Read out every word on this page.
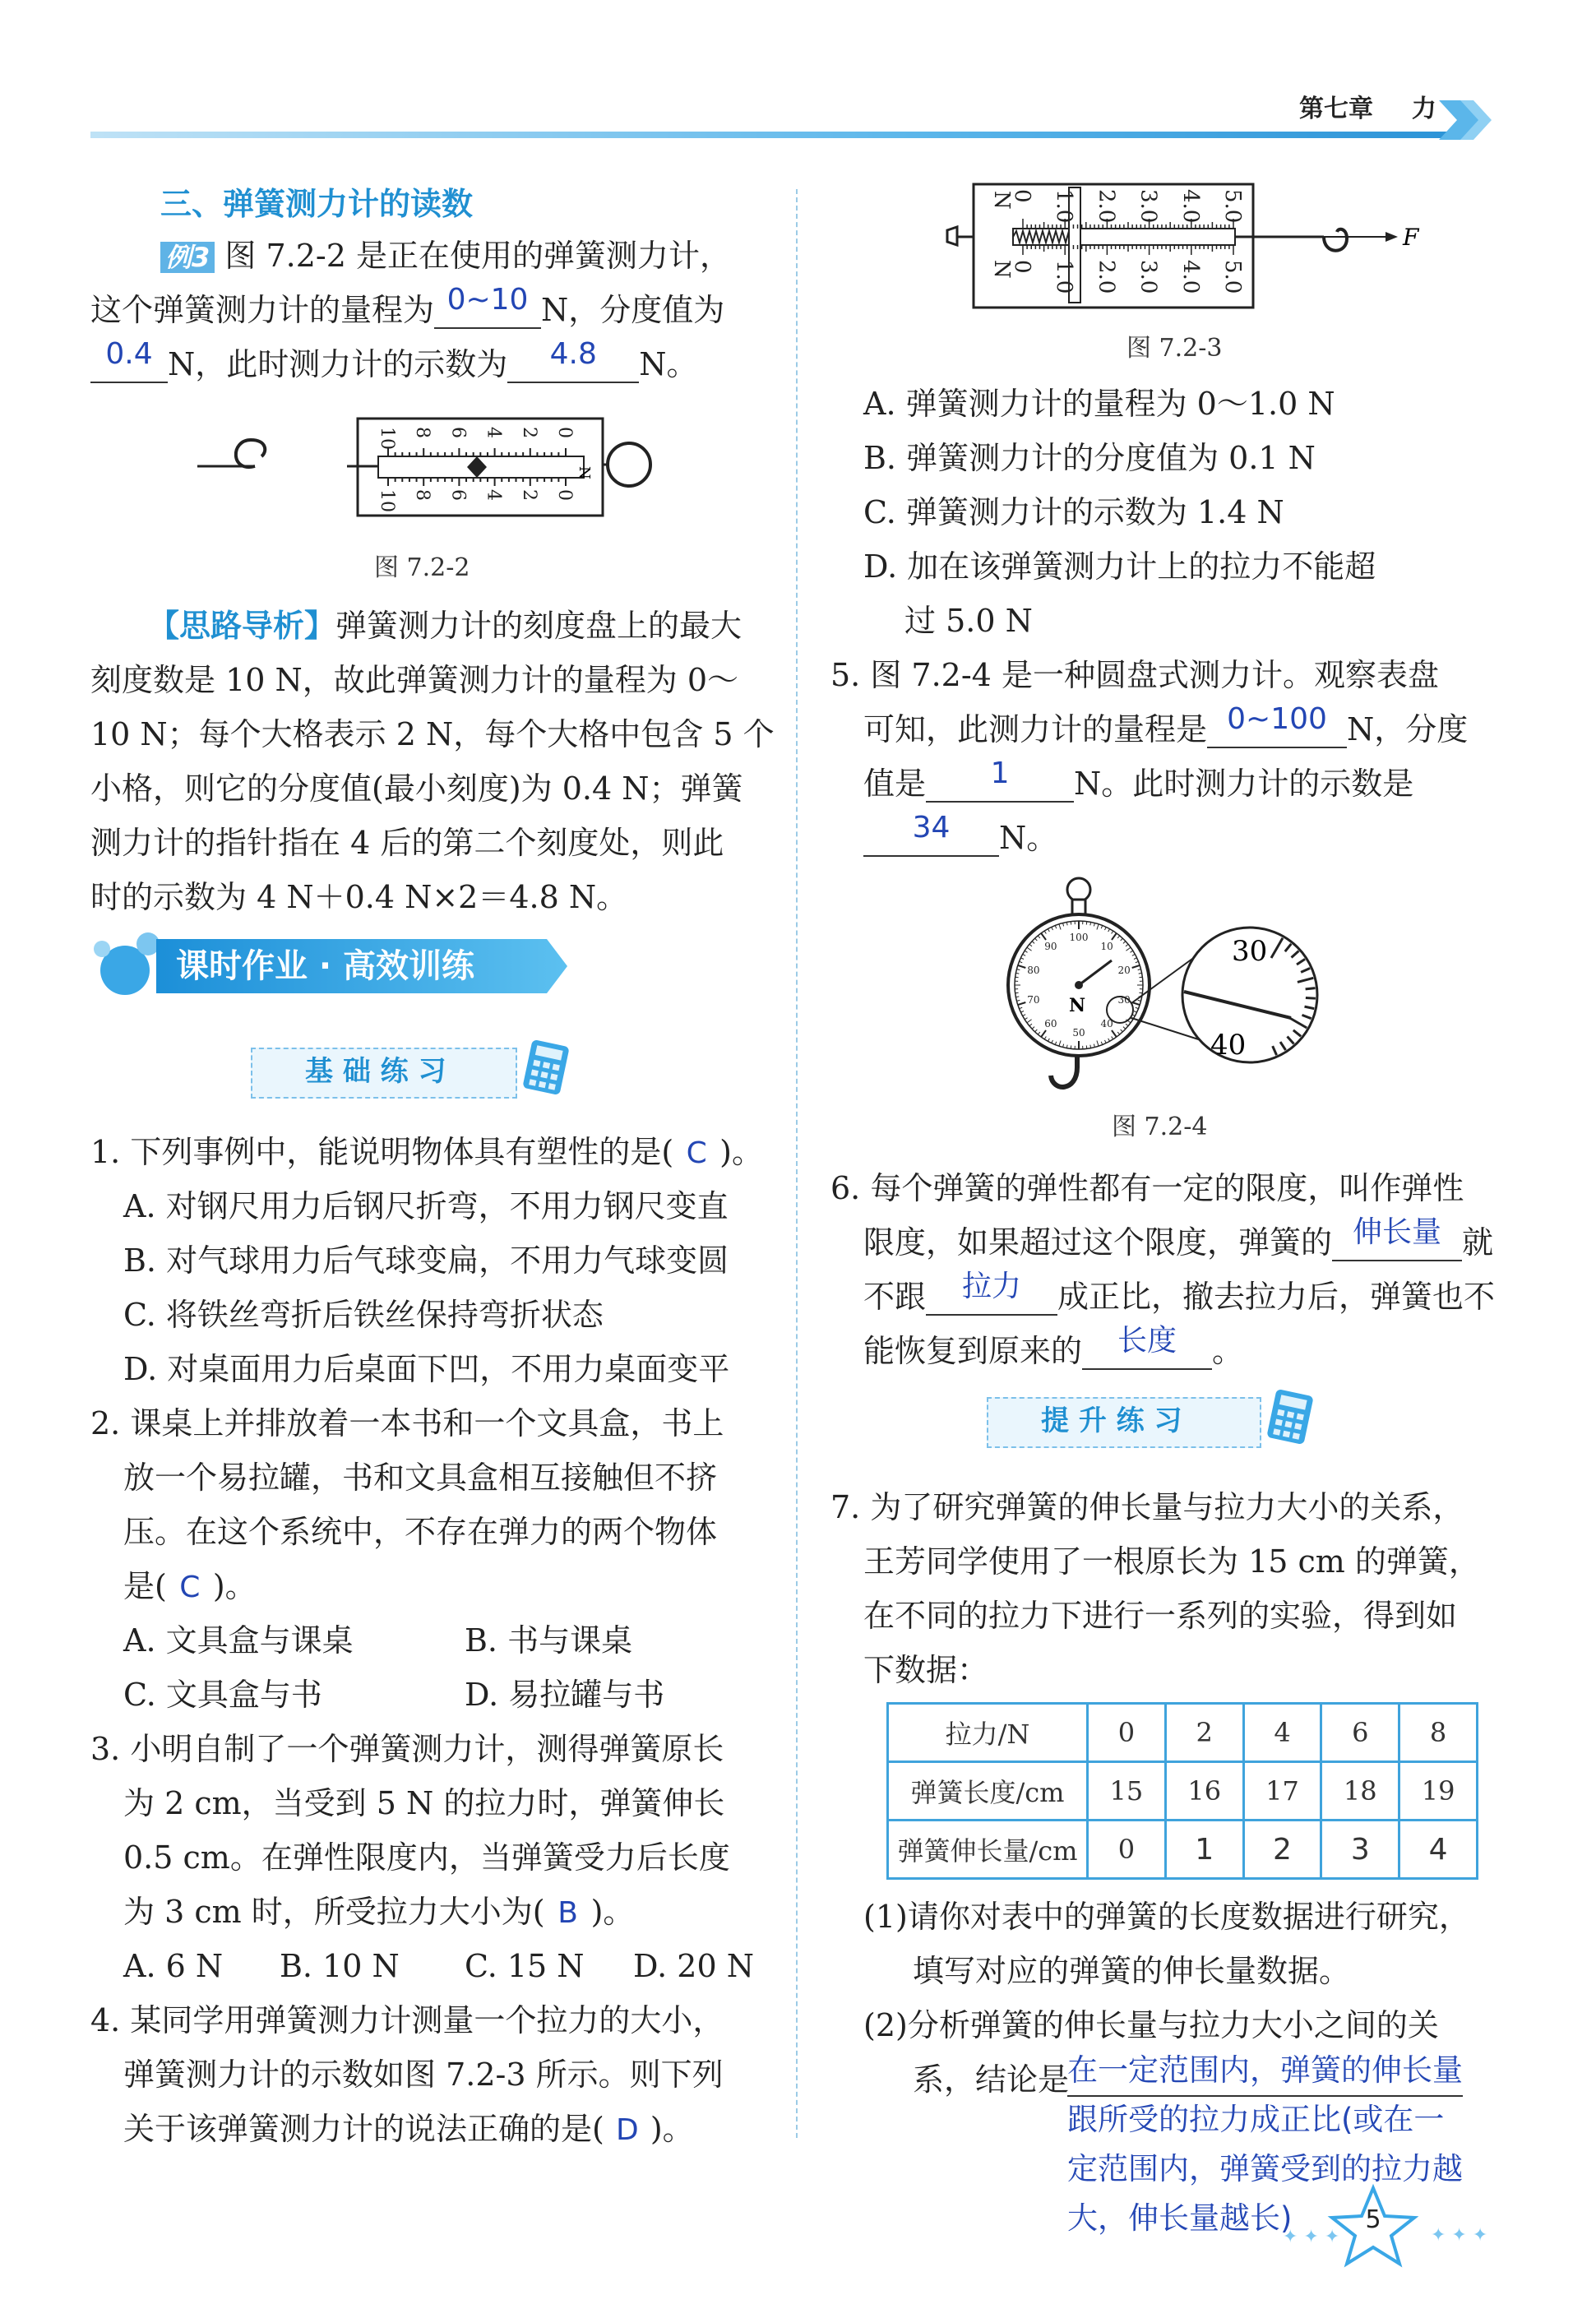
第七章 力
三、弹簧测力计的读数
例3 图 7.2-2 是正在使用的弹簧测力计，
这个弹簧测力计的量程为 0~10 N，分度值为
0.4 N，此时测力计的示数为 4.8 N。
0
2
4
6
8
10
0
2
4
6
8
10
N
图 7.2-2
【思路导析】弹簧测力计的刻度盘上的最大
刻度数是 10 N，故此弹簧测力计的量程为 0～
10 N；每个大格表示 2 N，每个大格中包含 5 个
小格，则它的分度值(最小刻度)为 0.4 N；弹簧
测力计的指针指在 4 后的第二个刻度处，则此
时的示数为 4 N＋0.4 N×2＝4.8 N。
课时作业 · 高效训练
基 础 练 习
1. 下列事例中，能说明物体具有塑性的是( C )。
A. 对钢尺用力后钢尺折弯，不用力钢尺变直
B. 对气球用力后气球变扁，不用力气球变圆
C. 将铁丝弯折后铁丝保持弯折状态
D. 对桌面用力后桌面下凹，不用力桌面变平
2. 课桌上并排放着一本书和一个文具盒，书上
放一个易拉罐，书和文具盒相互接触但不挤
压。在这个系统中，不存在弹力的两个物体
是( C )。
A. 文具盒与课桌	B. 书与课桌
C. 文具盒与书	D. 易拉罐与书
3. 小明自制了一个弹簧测力计，测得弹簧原长
为 2 cm，当受到 5 N 的拉力时，弹簧伸长
0.5 cm。在弹性限度内，当弹簧受力后长度
为 3 cm 时，所受拉力大小为( B )。
A. 6 N B. 10 N C. 15 N D. 20 N
4. 某同学用弹簧测力计测量一个拉力的大小，
弹簧测力计的示数如图 7.2-3 所示。则下列
关于该弹簧测力计的说法正确的是( D )。
0 1.0 2.0 3.0 4.0 5.0
N
0 1.0 2.0 3.0 4.0 5.0
N
F
图 7.2-3
A. 弹簧测力计的量程为 0～1.0 N
B. 弹簧测力计的分度值为 0.1 N
C. 弹簧测力计的示数为 1.4 N
D. 加在该弹簧测力计上的拉力不能超
过 5.0 N
5. 图 7.2-4 是一种圆盘式测力计。观察表盘
可知，此测力计的量程是 0~100 N，分度
值是 1 N。此时测力计的示数是
34 N。
100
10
20
30
40
50
60
70
80
90
N
30
40
图 7.2-4
6. 每个弹簧的弹性都有一定的限度，叫作弹性
限度，如果超过这个限度，弹簧的 伸长量 就
不跟 拉力 成正比，撤去拉力后，弹簧也不
能恢复到原来的 长度 。
提 升 练 习
7. 为了研究弹簧的伸长量与拉力大小的关系，
王芳同学使用了一根原长为 15 cm 的弹簧，
在不同的拉力下进行一系列的实验，得到如
下数据：
拉力/N	0	2	4	6	8
弹簧长度/cm	15	16	17	18	19
弹簧伸长量/cm	0	1	2	3	4
(1)请你对表中的弹簧的长度数据进行研究，
填写对应的弹簧的伸长量数据。
(2)分析弹簧的伸长量与拉力大小之间的关
系，结论是
在一定范围内，弹簧的伸长量
跟所受的拉力成正比(或在一
定范围内，弹簧受到的拉力越
大，伸长量越长)
✦ ✦ ✦	✦ ✦ ✦
5
